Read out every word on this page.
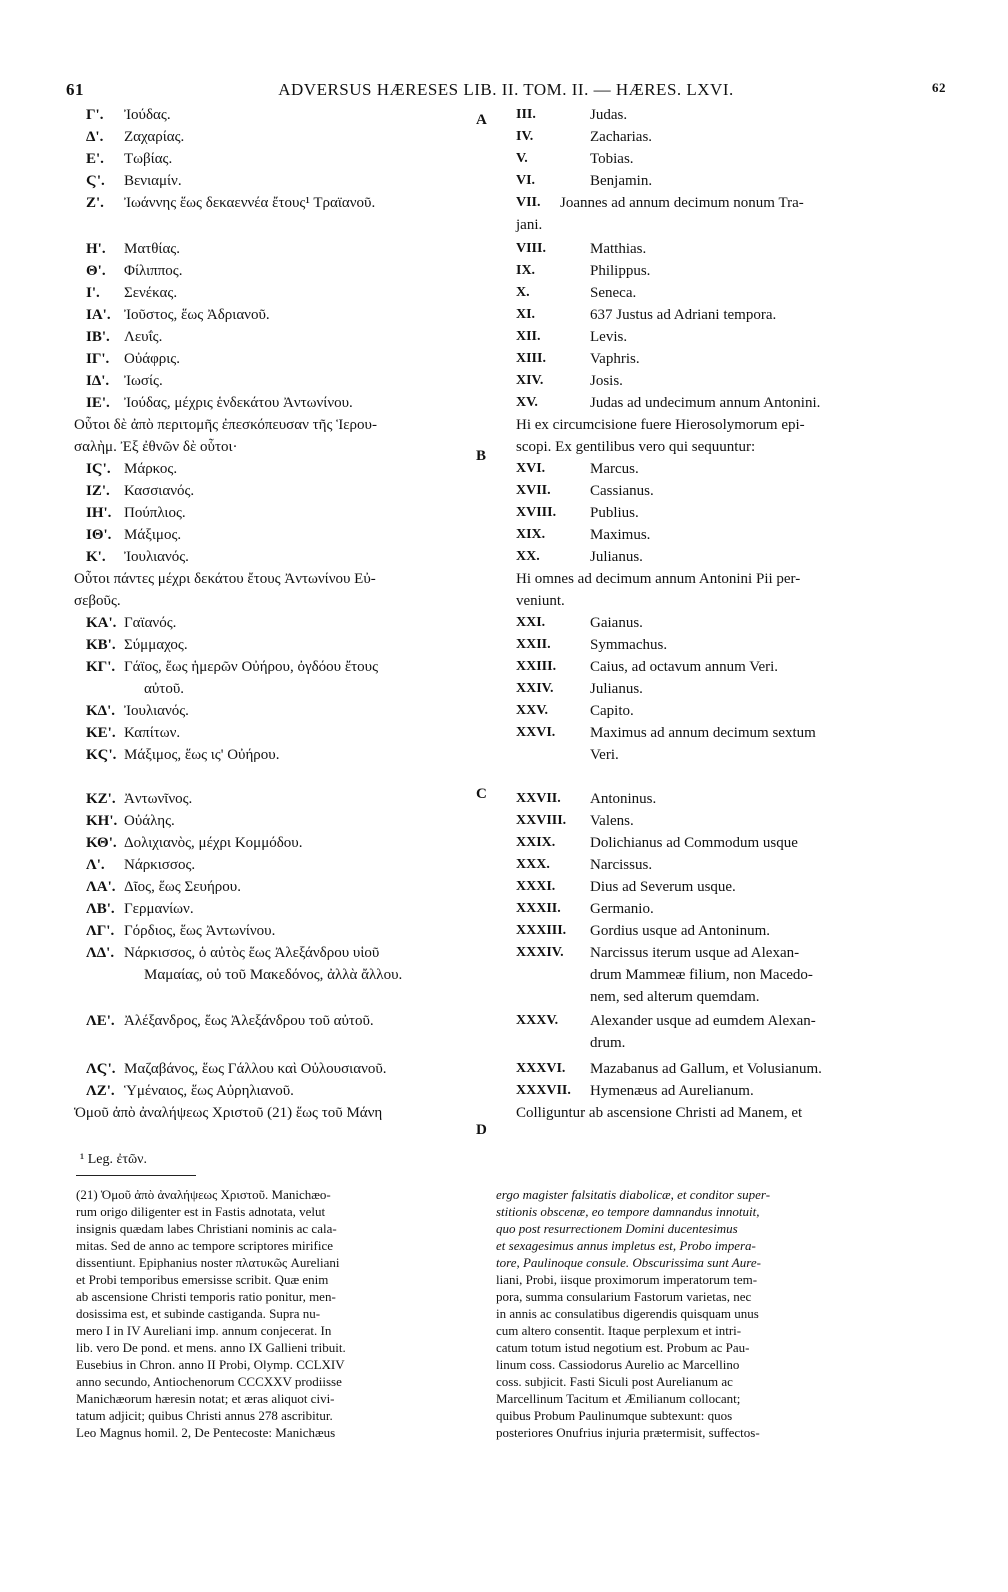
61	ADVERSUS HÆRESES LIB. II. TOM. II. — HÆRES. LXVI.	62
A
B
C
D
Γ'.	Ἰούδας.
Δ'.	Ζαχαρίας.
Ε'.	Τωβίας.
Ϛ'.	Βενιαμίν.
Ζ'.	Ἰωάννης ἕως δεκαεννέα ἔτους¹ Τραϊανοῦ.
Η'.	Ματθίας.
Θ'.	Φίλιππος.
Ι'.	Σενέκας.
ΙΑ'. Ἰοῦστος, ἕως Ἀδριανοῦ.
ΙΒ'. Λευΐς.
ΙΓ'. Οὐάφρις.
ΙΔ'. Ἰωσίς.
ΙΕ'. Ἰούδας, μέχρις ἑνδεκάτου Ἀντωνίνου.
Οὗτοι δὲ ἀπὸ περιτομῆς ἐπεσκόπευσαν τῆς Ἱερου-
σαλὴμ. Ἐξ ἐθνῶν δὲ οὗτοι·
ΙϚ'. Μάρκος.
ΙΖ'. Κασσιανός.
ΙΗ'. Πούπλιος.
ΙΘ'. Μάξιμος.
Κ'.	Ἰουλιανός.
Οὗτοι πάντες μέχρι δεκάτου ἔτους Ἀντωνίνου Εὐ-
σεβοῦς.
ΚΑ'. Γαϊανός.
ΚΒ'. Σύμμαχος.
ΚΓ'. Γάϊος, ἕως ἡμερῶν Οὐήρου, ὀγδόου ἔτους
αὐτοῦ.
ΚΔ'. Ἰουλιανός.
ΚΕ'. Καπίτων.
ΚϚ'. Μάξιμος, ἕως ις' Οὐήρου.
ΚΖ'. Ἀντωνῖνος.
ΚΗ'. Οὐάλης.
ΚΘ'. Δολιχιανὸς, μέχρι Κομμόδου.
Λ'.	Νάρκισσος.
ΛΑ'. Δῖος, ἕως Σευήρου.
ΛΒ'. Γερμανίων.
ΛΓ'. Γόρδιος, ἕως Ἀντωνίνου.
ΛΔ'. Νάρκισσος, ὁ αὐτὸς ἕως Ἀλεξάνδρου υἱοῦ
Μαμαίας, οὐ τοῦ Μακεδόνος, ἀλλὰ ἄλλου.
ΛΕ'. Ἀλέξανδρος, ἕως Ἀλεξάνδρου τοῦ αὐτοῦ.
ΛϚ'. Μαζαβάνος, ἕως Γάλλου καὶ Οὐλουσιανοῦ.
ΛΖ'. Ὑμέναιος, ἕως Αὐρηλιανοῦ.
Ὁμοῦ ἀπὸ ἀναλήψεως Χριστοῦ (21) ἕως τοῦ Μάνη
III.	Judas.
IV.	Zacharias.
V.	Tobias.
VI.	Benjamin.
VII.	Joannes ad annum decimum nonum Tra-
jani.
VIII.	Matthias.
IX.	Philippus.
X.	Seneca.
XI.	637 Justus ad Adriani tempora.
XII.	Levis.
XIII.	Vaphris.
XIV.	Josis.
XV.	Judas ad undecimum annum Antonini.
Hi ex circumcisione fuere Hierosolymorum epi-
scopi. Ex gentilibus vero qui sequuntur:
XVI.	Marcus.
XVII.	Cassianus.
XVIII.	Publius.
XIX.	Maximus.
XX.	Julianus.
Hi omnes ad decimum annum Antonini Pii per-
veniunt.
XXI.	Gaianus.
XXII.	Symmachus.
XXIII.	Caius, ad octavum annum Veri.
XXIV.	Julianus.
XXV.	Capito.
XXVI.	Maximus ad annum decimum sextum
Veri.
XXVII.	Antoninus.
XXVIII.	Valens.
XXIX.	Dolichianus ad Commodum usque
XXX.	Narcissus.
XXXI.	Dius ad Severum usque.
XXXII.	Germanio.
XXXIII.	Gordius usque ad Antoninum.
XXXIV.	Narcissus iterum usque ad Alexan-
drum Mammeæ filium, non Macedo-
nem, sed alterum quemdam.
XXXV.	Alexander usque ad eumdem Alexan-
drum.
XXXVI.	Mazabanus ad Gallum, et Volusianum.
XXXVII. Hymenæus ad Aurelianum.
Colliguntur ab ascensione Christi ad Manem, et
¹ Leg. ἐτῶν.
(21) Ὁμοῦ ἀπὸ ἀναλήψεως Χριστοῦ. Manichæo-
rum origo diligenter est in Fastis adnotata, velut
insignis quædam labes Christiani nominis ac cala-
mitas. Sed de anno ac tempore scriptores mirifice
dissentiunt. Epiphanius noster πλατυκῶς Aureliani
et Probi temporibus emersisse scribit. Quæ enim
ab ascensione Christi temporis ratio ponitur, men-
dosissima est, et subinde castiganda. Supra nu-
mero I in IV Aureliani imp. annum conjecerat. In
lib. vero De pond. et mens. anno IX Gallieni tribuit.
Eusebius in Chron. anno II Probi, Olymp. CCLXIV
anno secundo, Antiochenorum CCCXXV prodiisse
Manichæorum hæresin notat; et æras aliquot civi-
tatum adjicit; quibus Christi annus 278 ascribitur.
Leo Magnus homil. 2, De Pentecoste: Manichæus
ergo magister falsitatis diabolicæ, et conditor super-
stitionis obscenæ, eo tempore damnandus innotuit,
quo post resurrectionem Domini ducentesimus
et sexagesimus annus impletus est, Probo impera-
tore, Paulinoque consule. Obscurissima sunt Aure-
liani, Probi, iisque proximorum imperatorum tem-
pora, summa consularium Fastorum varietas, nec
in annis ac consulatibus digerendis quisquam unus
cum altero consentit. Itaque perplexum et intri-
catum totum istud negotium est. Probum ac Pau-
linum coss. Cassiodorus Aurelio ac Marcellino
coss. subjicit. Fasti Siculi post Aurelianum ac
Marcellinum Tacitum et Æmilianum collocant;
quibus Probum Paulinumque subtexunt: quos
posteriores Onufrius injuria prætermisit, suffectos-
